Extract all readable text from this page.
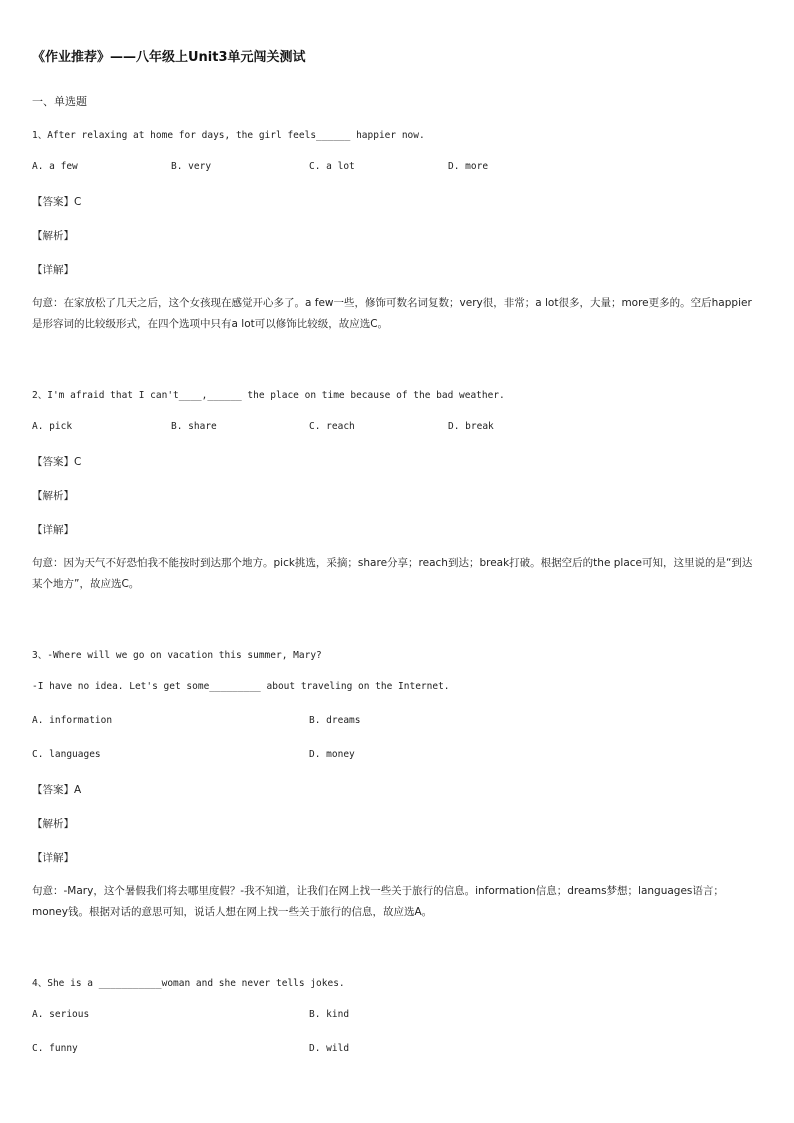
《作业推荐》——八年级上Unit3单元闯关测试
一、单选题
1、After relaxing at home for days, the girl feels______ happier now.
A. a few	B. very	C. a lot	D. more
【答案】C
【解析】
【详解】
句意：在家放松了几天之后，这个女孩现在感觉开心多了。a few一些，修饰可数名词复数；very很，非常；a lot很多，大量；more更多的。空后happier是形容词的比较级形式，在四个选项中只有a lot可以修饰比较级，故应选C。
2、I'm afraid that I can't____,______ the place on time because of the bad weather.
A. pick	B. share	C. reach	D. break
【答案】C
【解析】
【详解】
句意：因为天气不好恐怕我不能按时到达那个地方。pick挑选，采摘；share分享；reach到达；break打破。根据空后的the place可知，这里说的是“到达某个地方”，故应选C。
3、-Where will we go on vacation this summer, Mary?
-I have no idea. Let's get some_________ about traveling on the Internet.
A. information	B. dreams
C. languages	D. money
【答案】A
【解析】
【详解】
句意：-Mary，这个暑假我们将去哪里度假？-我不知道，让我们在网上找一些关于旅行的信息。information信息；dreams梦想；languages语言；money钱。根据对话的意思可知，说话人想在网上找一些关于旅行的信息，故应选A。
4、She is a ___________woman and she never tells jokes.
A. serious	B. kind
C. funny	D. wild
